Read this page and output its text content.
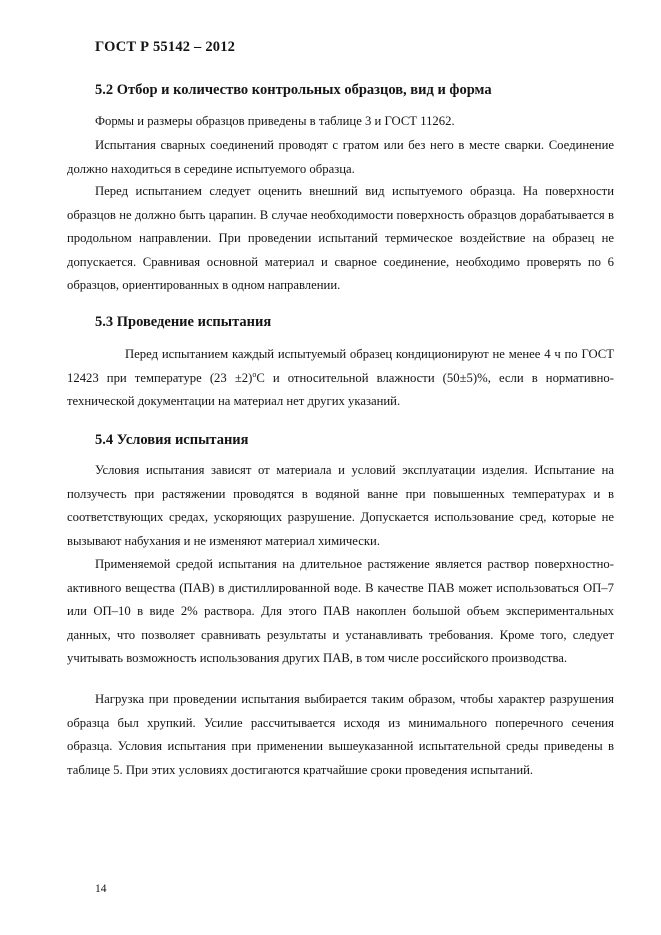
ГОСТ Р 55142 – 2012
5.2 Отбор и количество контрольных образцов, вид и форма

Формы и размеры образцов приведены в таблице 3 и ГОСТ 11262.

Испытания сварных соединений проводят с гратом или без него в месте сварки. Соединение должно находиться в середине испытуемого образца.

Перед испытанием следует оценить внешний вид испытуемого образца. На поверхности образцов не должно быть царапин. В случае необходимости поверхность образцов дорабатывается в продольном направлении. При проведении испытаний термическое воздействие на образец не допускается. Сравнивая основной материал и сварное соединение, необходимо проверять по 6 образцов, ориентированных в одном направлении.

5.3 Проведение испытания

Перед испытанием каждый испытуемый образец кондиционируют не менее 4 ч по ГОСТ 12423 при температуре $(23 \pm 2)^оС$ и относительной влажности (50±5)%, если в нормативно-технической документации на материал нет других указаний.

5.4 Условия испытания

Условия испытания зависят от материала и условий эксплуатации изделия. Испытание на ползучесть при растяжении проводятся в водяной ванне при повышенных температурах и в соответствующих средах, ускоряющих разрушение. Допускается использование сред, которые не вызывают набухания и не изменяют материал химически.

Применяемой средой испытания на длительное растяжение является раствор поверхностно-активного вещества (ПАВ) в дистиллированной воде. В качестве ПАВ может использоваться ОП–7 или ОП–10 в виде 2% раствора. Для этого ПАВ накоплен большой объем экспериментальных данных, что позволяет сравнивать результаты и устанавливать требования. Кроме того, следует учитывать возможность использования других ПАВ, в том числе российского производства.

Нагрузка при проведении испытания выбирается таким образом, чтобы характер разрушения образца был хрупкий. Усилие рассчитывается исходя из минимального поперечного сечения образца. Условия испытания при применении вышеуказанной испытательной среды приведены в таблице 5. При этих условиях достигаются кратчайшие сроки проведения испытаний.

14
